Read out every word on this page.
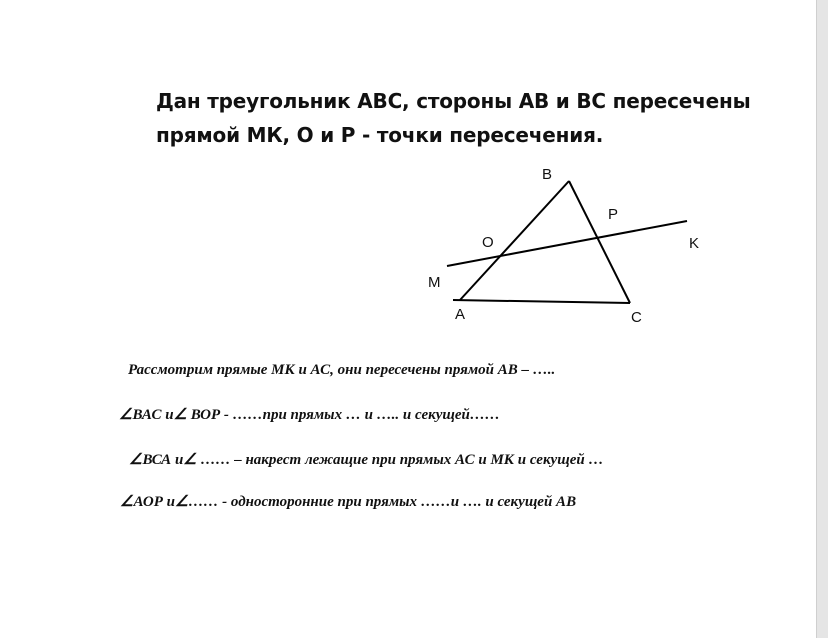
Дан треугольник АВС, стороны АВ и ВС пересечены
прямой МК, О и Р - точки пересечения.
B
P
O	K
M
A	C
Рассмотрим прямые МК и АС, они пересечены прямой АВ – …..
∠ВАС и∠ ВОР - ……при прямых … и ….. и секущей……
∠ВСА и∠ …… – накрест лежащие при прямых АС и МК и секущей …
∠АОР и∠…… - односторонние при прямых ……и …. и секущей АВ
